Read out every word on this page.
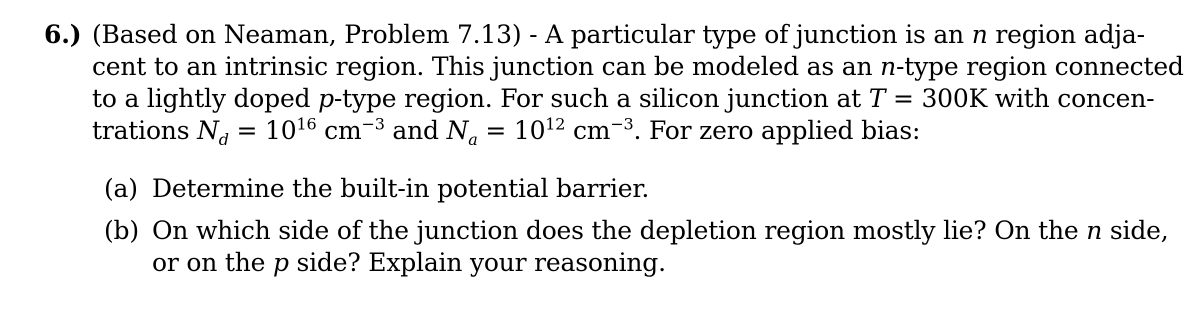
6.) (Based on Neaman, Problem 7.13) - A particular type of junction is an n region adja-
cent to an intrinsic region. This junction can be modeled as an n-type region connected
to a lightly doped p-type region. For such a silicon junction at T = 300K with concen-
trations $N_d = 10^{16}$ $cm^{-3}$ and $N_a = 10^{12}$ $cm^{-3}$. For zero applied bias:
(a) Determine the built-in potential barrier.
(b) On which side of the junction does the depletion region mostly lie? On the n side,
or on the p side? Explain your reasoning.
